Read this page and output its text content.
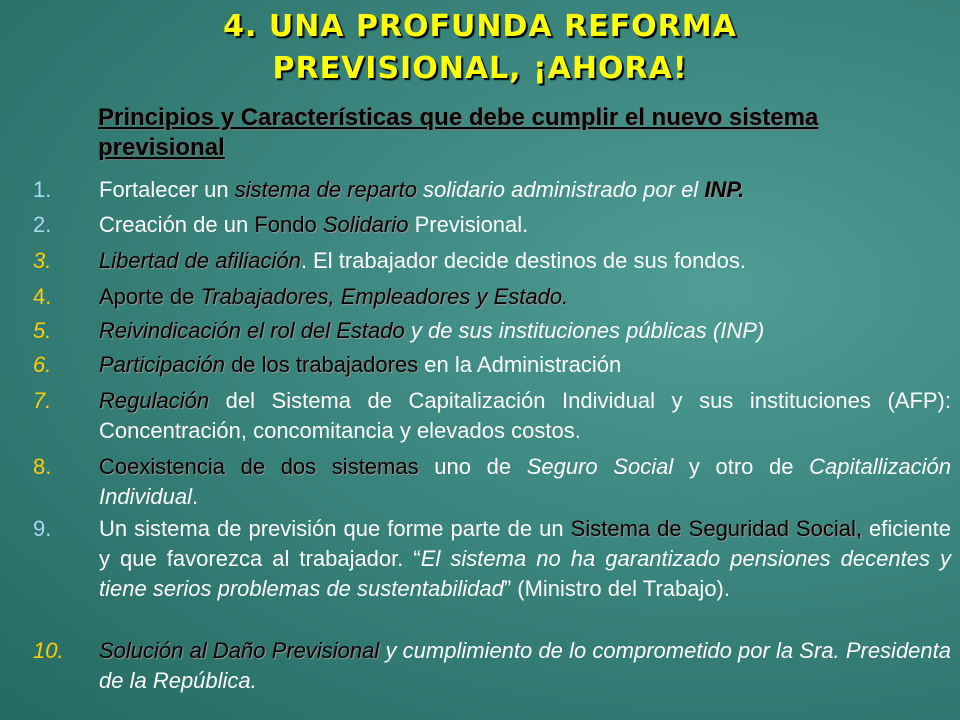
4. UNA PROFUNDA REFORMA
PREVISIONAL, ¡AHORA!
Principios y Características que debe cumplir el nuevo sistema previsional
1.	Fortalecer un sistema de reparto solidario administrado por el INP.
2.	Creación de un Fondo Solidario Previsional.
3.	Libertad de afiliación. El trabajador decide destinos de sus fondos.
4.	Aporte de Trabajadores, Empleadores y Estado.
5.	Reivindicación el rol del Estado y de sus instituciones públicas (INP)
6.	Participación de los trabajadores en la Administración
7.	Regulación del Sistema de Capitalización Individual y sus instituciones (AFP): Concentración, concomitancia y elevados costos.
8.	Coexistencia de dos sistemas uno de Seguro Social y otro de Capitallización Individual.
9.	Un sistema de previsión que forme parte de un Sistema de Seguridad Social, eficiente y que favorezca al trabajador. “El sistema no ha garantizado pensiones decentes y tiene serios problemas de sustentabilidad” (Ministro del Trabajo).
10.	Solución al Daño Previsional y cumplimiento de lo comprometido por la Sra. Presidenta de la República.
